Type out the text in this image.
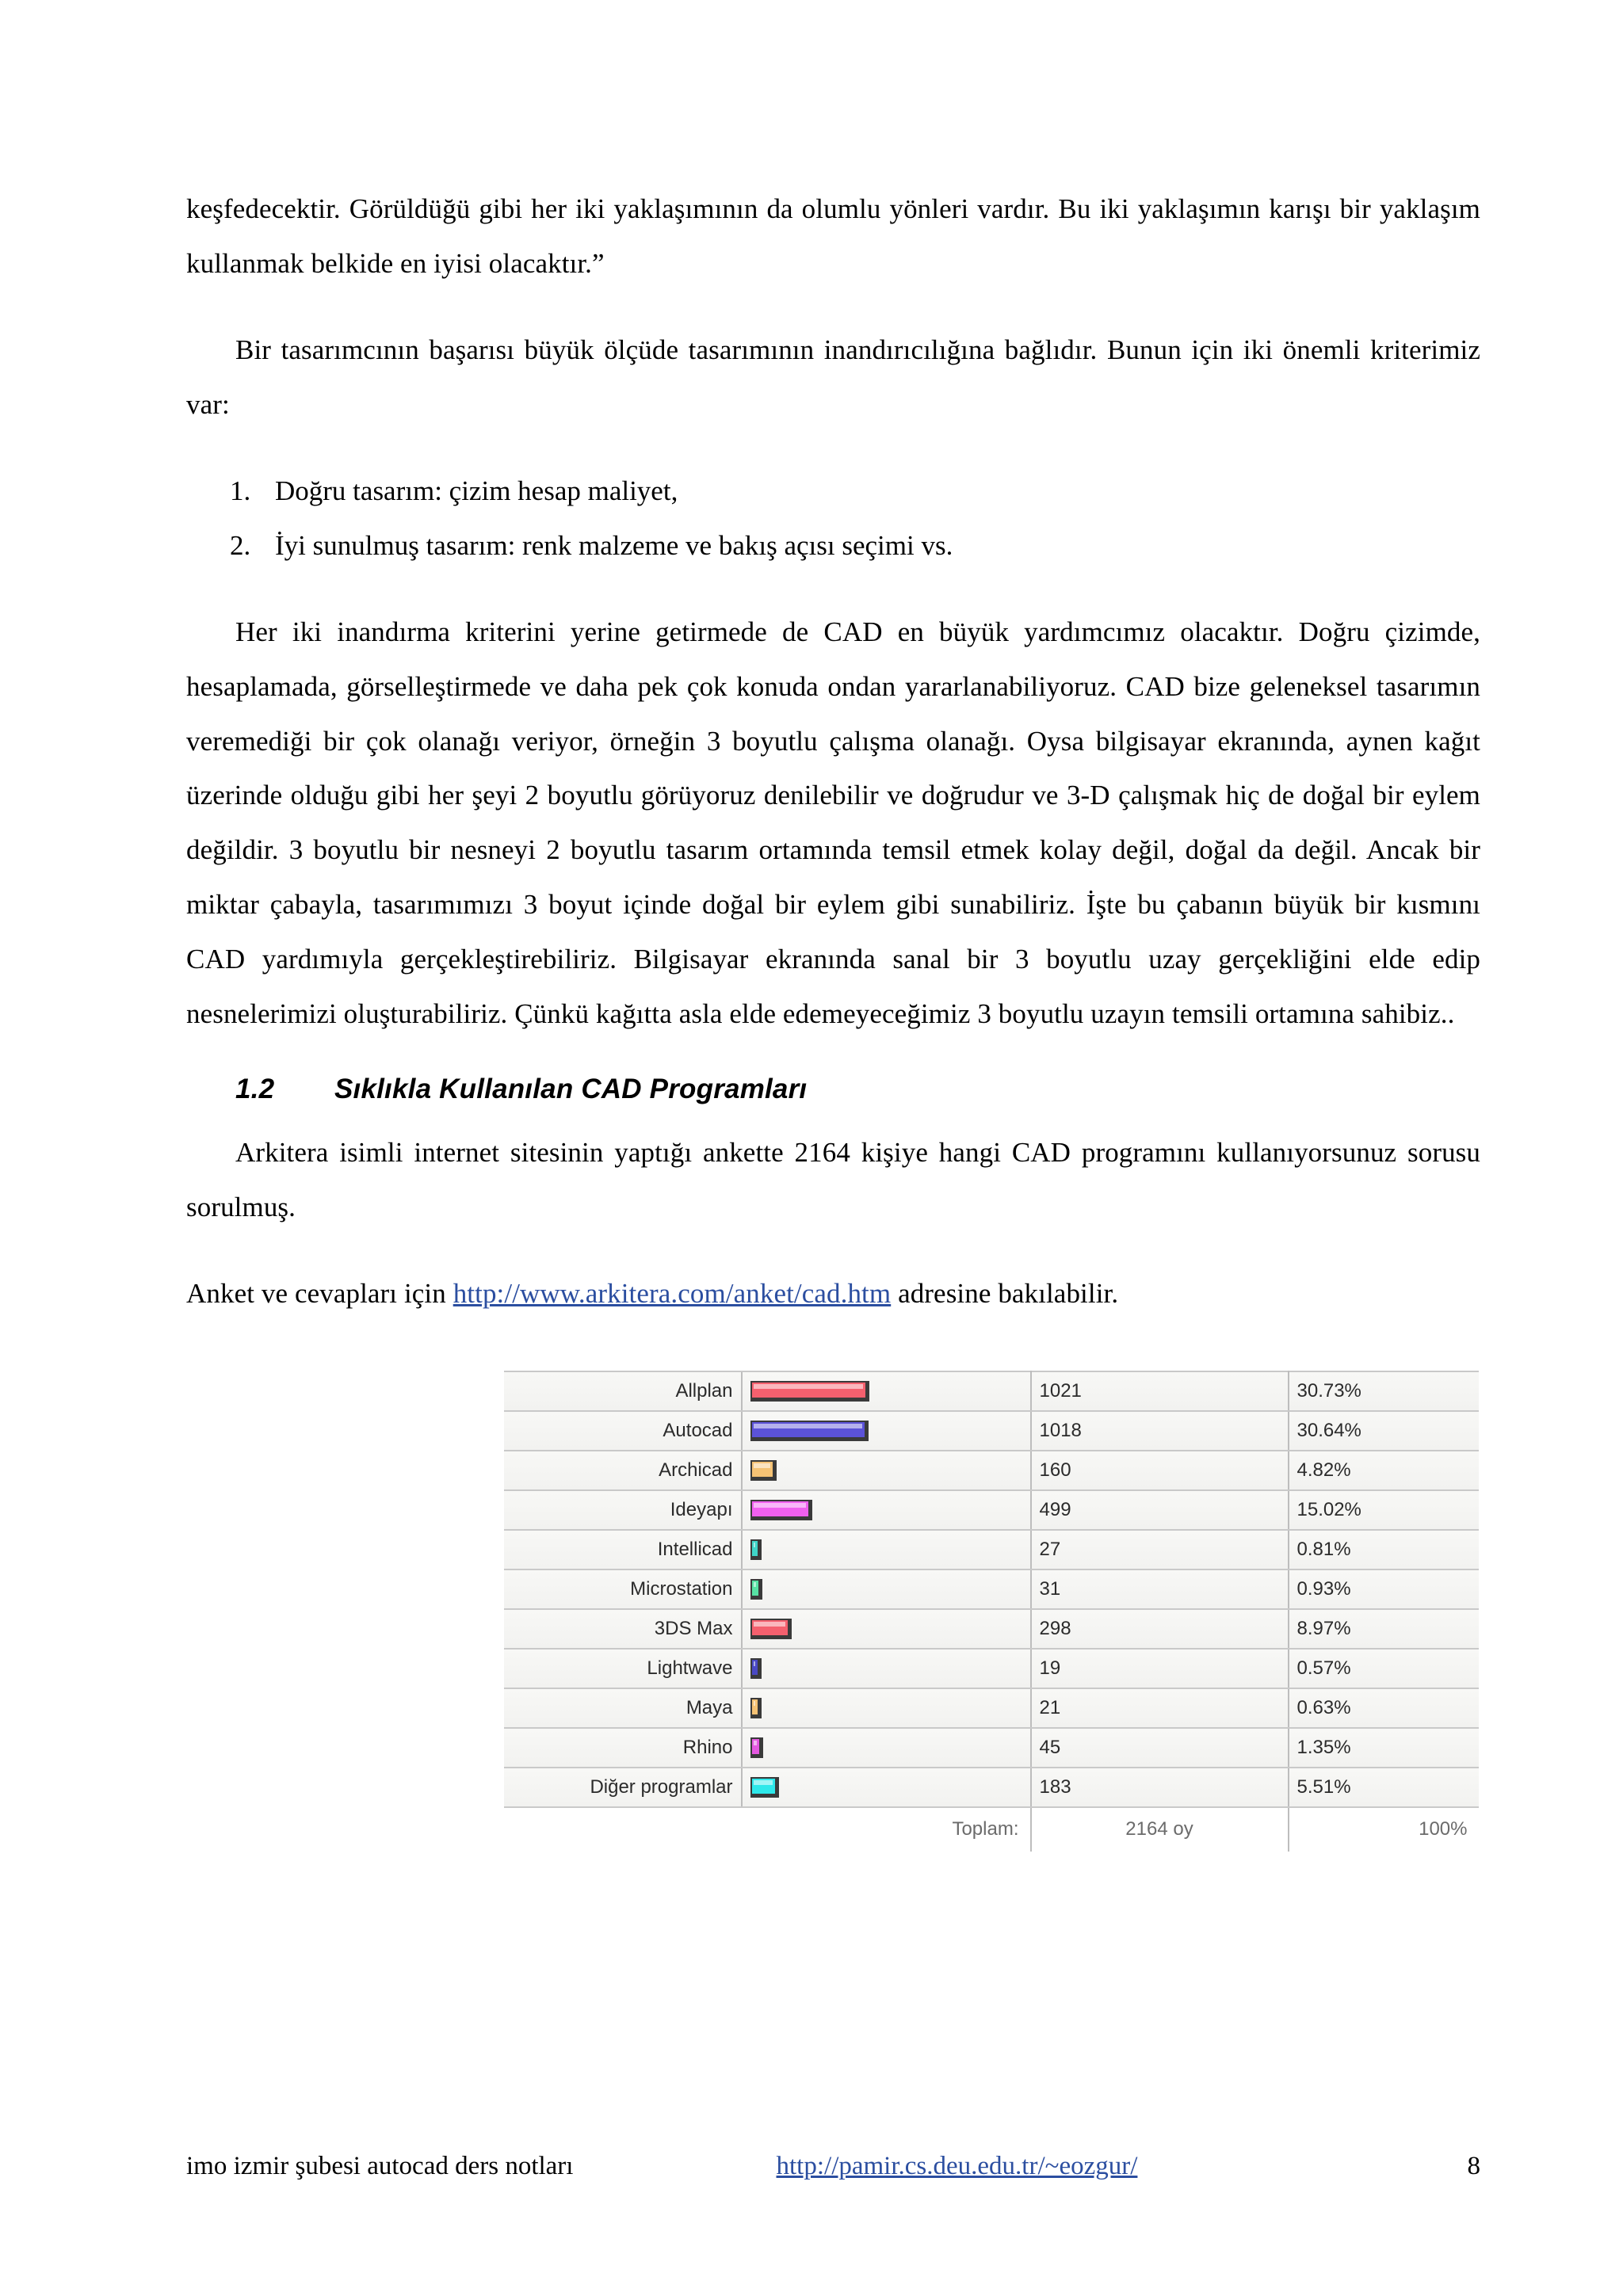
keşfedecektir. Görüldüğü gibi her iki yaklaşımının da olumlu yönleri vardır. Bu iki yaklaşımın karışı bir yaklaşım kullanmak belkide en iyisi olacaktır.”

Bir tasarımcının başarısı büyük ölçüde tasarımının inandırıcılığına bağlıdır. Bunun için iki önemli kriterimiz var:

1. Doğru tasarım: çizim hesap maliyet,
2. İyi sunulmuş tasarım: renk malzeme ve bakış açısı seçimi vs.

Her iki inandırma kriterini yerine getirmede de CAD en büyük yardımcımız olacaktır. Doğru çizimde, hesaplamada, görselleştirmede ve daha pek çok konuda ondan yararlanabiliyoruz. CAD bize geleneksel tasarımın veremediği bir çok olanağı veriyor, örneğin 3 boyutlu çalışma olanağı. Oysa bilgisayar ekranında, aynen kağıt üzerinde olduğu gibi her şeyi 2 boyutlu görüyoruz denilebilir ve doğrudur ve 3-D çalışmak hiç de doğal bir eylem değildir. 3 boyutlu bir nesneyi 2 boyutlu tasarım ortamında temsil etmek kolay değil, doğal da değil. Ancak bir miktar çabayla, tasarımımızı 3 boyut içinde doğal bir eylem gibi sunabiliriz. İşte bu çabanın büyük bir kısmını CAD yardımıyla gerçekleştirebiliriz. Bilgisayar ekranında sanal bir 3 boyutlu uzay gerçekliğini elde edip nesnelerimizi oluşturabiliriz. Çünkü kağıtta asla elde edemeyeceğimiz 3 boyutlu uzayın temsili ortamına sahibiz..

1.2 Sıklıkla Kullanılan CAD Programları

Arkitera isimli internet sitesinin yaptığı ankette 2164 kişiye hangi CAD programını kullanıyorsunuz sorusu sorulmuş.

Anket ve cevapları için http://www.arkitera.com/anket/cad.htm adresine bakılabilir.

Allplan		1021	30.73%
Autocad		1018	30.64%
Archicad		160	4.82%
Ideyapı		499	15.02%
Intellicad		27	0.81%
Microstation		31	0.93%
3DS Max		298	8.97%
Lightwave		19	0.57%
Maya		21	0.63%
Rhino		45	1.35%
Diğer programlar		183	5.51%
	Toplam:	2164 oy	100%
imo izmir şubesi autocad ders notları	http://pamir.cs.deu.edu.tr/~eozgur/	8
